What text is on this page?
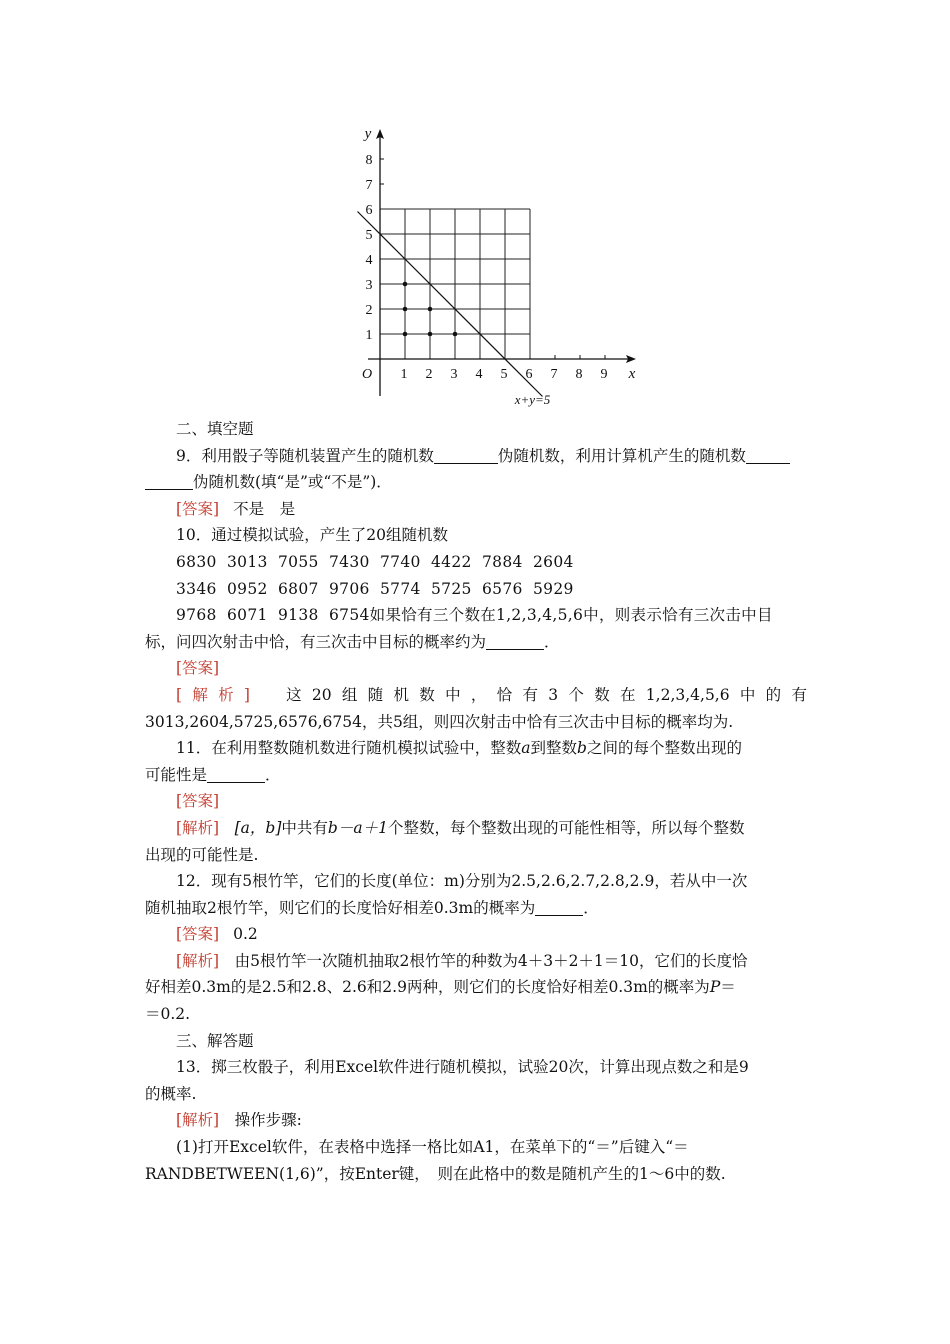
1 2 3 4 5 6 7 8 9
1
2
3
4
5
6
7
8
O	x
y
x+y=5

二、填空题

9．利用骰子等随机装置产生的随机数	伪随机数，利用计算机产生的随机数

伪随机数(填“是”或“不是”)．

[答案] 不是　是

10．通过模拟试验，产生了20组随机数

6830 3013 7055 7430 7740 4422 7884 2604

3346 0952 6807 9706 5774 5725 6576 5929

9768 6071 9138 6754如果恰有三个数在1,2,3,4,5,6中，则表示恰有三次击中目

标，问四次射击中恰，有三次击中目标的概率约为	．

[答案]

[解析]　 这20组随机数中，恰有3个数在1,2,3,4,5,6中的有

3013,2604,5725,6576,6754，共5组，则四次射击中恰有三次击中目标的概率均为.

11．在利用整数随机数进行随机模拟试验中，整数a到整数b之间的每个整数出现的

可能性是	．

[答案]

[解析]　 [a，b]中共有b－a＋1个整数，每个整数出现的可能性相等，所以每个整数

出现的可能性是.

12．现有5根竹竿，它们的长度(单位：m)分别为2.5,2.6,2.7,2.8,2.9，若从中一次

随机抽取2根竹竿，则它们的长度恰好相差0.3m的概率为	．

[答案] 0.2

[解析]　 由5根竹竿一次随机抽取2根竹竿的种数为4＋3＋2＋1＝10，它们的长度恰

好相差0.3m的是2.5和2.8、2.6和2.9两种，则它们的长度恰好相差0.3m的概率为P＝

＝0.2.

三、解答题

13．掷三枚骰子，利用Excel软件进行随机模拟，试验20次，计算出现点数之和是9

的概率.

[解析]　 操作步骤:

(1)打开Excel软件，在表格中选择一格比如A1，在菜单下的“＝”后键入“＝

RANDBETWEEN(1,6)”，按Enter键，　则在此格中的数是随机产生的1～6中的数.
